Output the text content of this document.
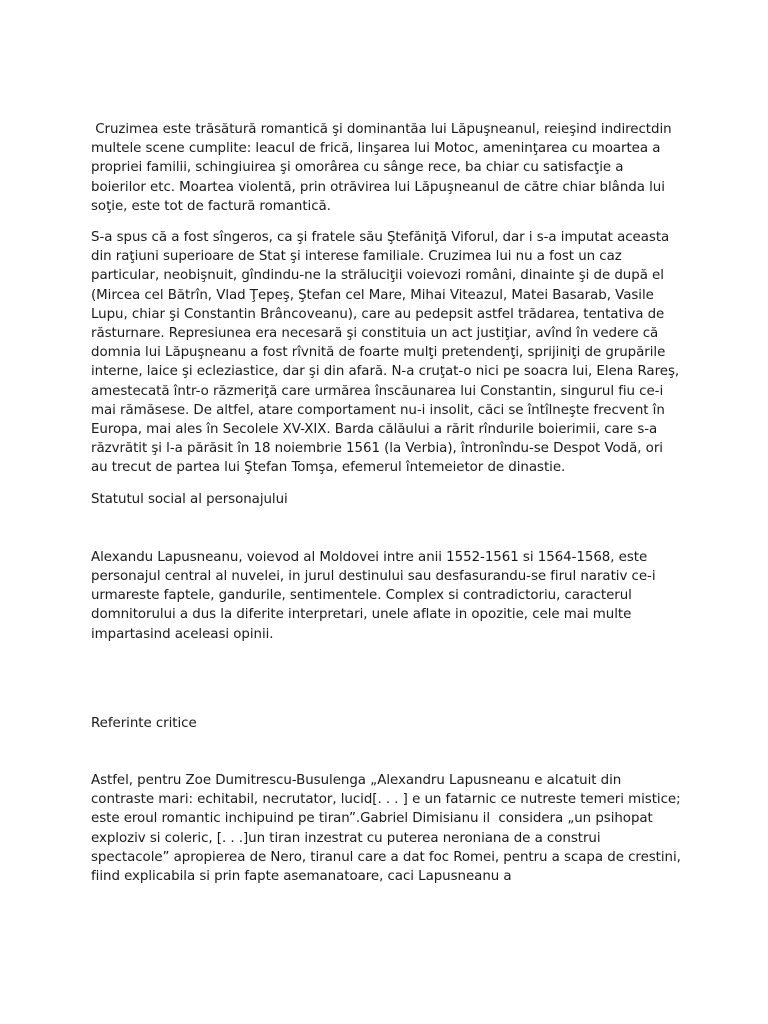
Cruzimea este trăsătură romantică şi dominantăa lui Lăpuşneanul, reieşind indirectdin multele scene cumplite: leacul de frică, linşarea lui Motoc, ameninţarea cu moartea a propriei familii, schingiuirea şi omorârea cu sânge rece, ba chiar cu satisfacţie a boierilor etc. Moartea violentă, prin otrăvirea lui Lăpuşneanul de către chiar blânda lui soţie, este tot de factură romantică.

S-a spus că a fost sîngeros, ca şi fratele său Ştefăniţă Viforul, dar i s-a imputat aceasta din raţiuni superioare de Stat şi interese familiale. Cruzimea lui nu a fost un caz particular, neobişnuit, gîndindu-ne la străluciţii voievozi români, dinainte şi de după el (Mircea cel Bătrîn, Vlad Ţepeş, Ştefan cel Mare, Mihai Viteazul, Matei Basarab, Vasile Lupu, chiar şi Constantin Brâncoveanu), care au pedepsit astfel trădarea, tentativa de răsturnare. Represiunea era necesară şi constituia un act justiţiar, avînd în vedere că domnia lui Lăpuşneanu a fost rîvnită de foarte mulţi pretendenţi, sprijiniţi de grupările interne, laice şi ecleziastice, dar şi din afară. N-a cruţat-o nici pe soacra lui, Elena Rareş, amestecată într-o răzmeriţă care urmărea înscăunarea lui Constantin, singurul fiu ce-i mai rămăsese. De altfel, atare comportament nu-i insolit, căci se întîlneşte frecvent în Europa, mai ales în Secolele XV-XIX. Barda călăului a rărit rîndurile boierimii, care s-a răzvrătit şi l-a părăsit în 18 noiembrie 1561 (la Verbia), întronîndu-se Despot Vodă, ori au trecut de partea lui Ştefan Tomşa, efemerul întemeietor de dinastie.

Statutul social al personajului

Alexandu Lapusneanu, voievod al Moldovei intre anii 1552-1561 si 1564-1568, este personajul central al nuvelei, in jurul destinului sau desfasurandu-se firul narativ ce-i urmareste faptele, gandurile, sentimentele. Complex si contradictoriu, caracterul domnitorului a dus la diferite interpretari, unele aflate in opozitie, cele mai multe impartasind aceleasi opinii.

Referinte critice

Astfel, pentru Zoe Dumitrescu-Busulenga „Alexandru Lapusneanu e alcatuit din contraste mari: echitabil, necrutator, lucid[. . . ] e un fatarnic ce nutreste temeri mistice; este eroul romantic inchipuind pe tiran”.Gabriel Dimisianu il  considera „un psihopat exploziv si coleric, [. . .]un tiran inzestrat cu puterea neroniana de a construi  spectacole” apropierea de Nero, tiranul care a dat foc Romei, pentru a scapa de crestini, fiind explicabila si prin fapte asemanatoare, caci Lapusneanu a
